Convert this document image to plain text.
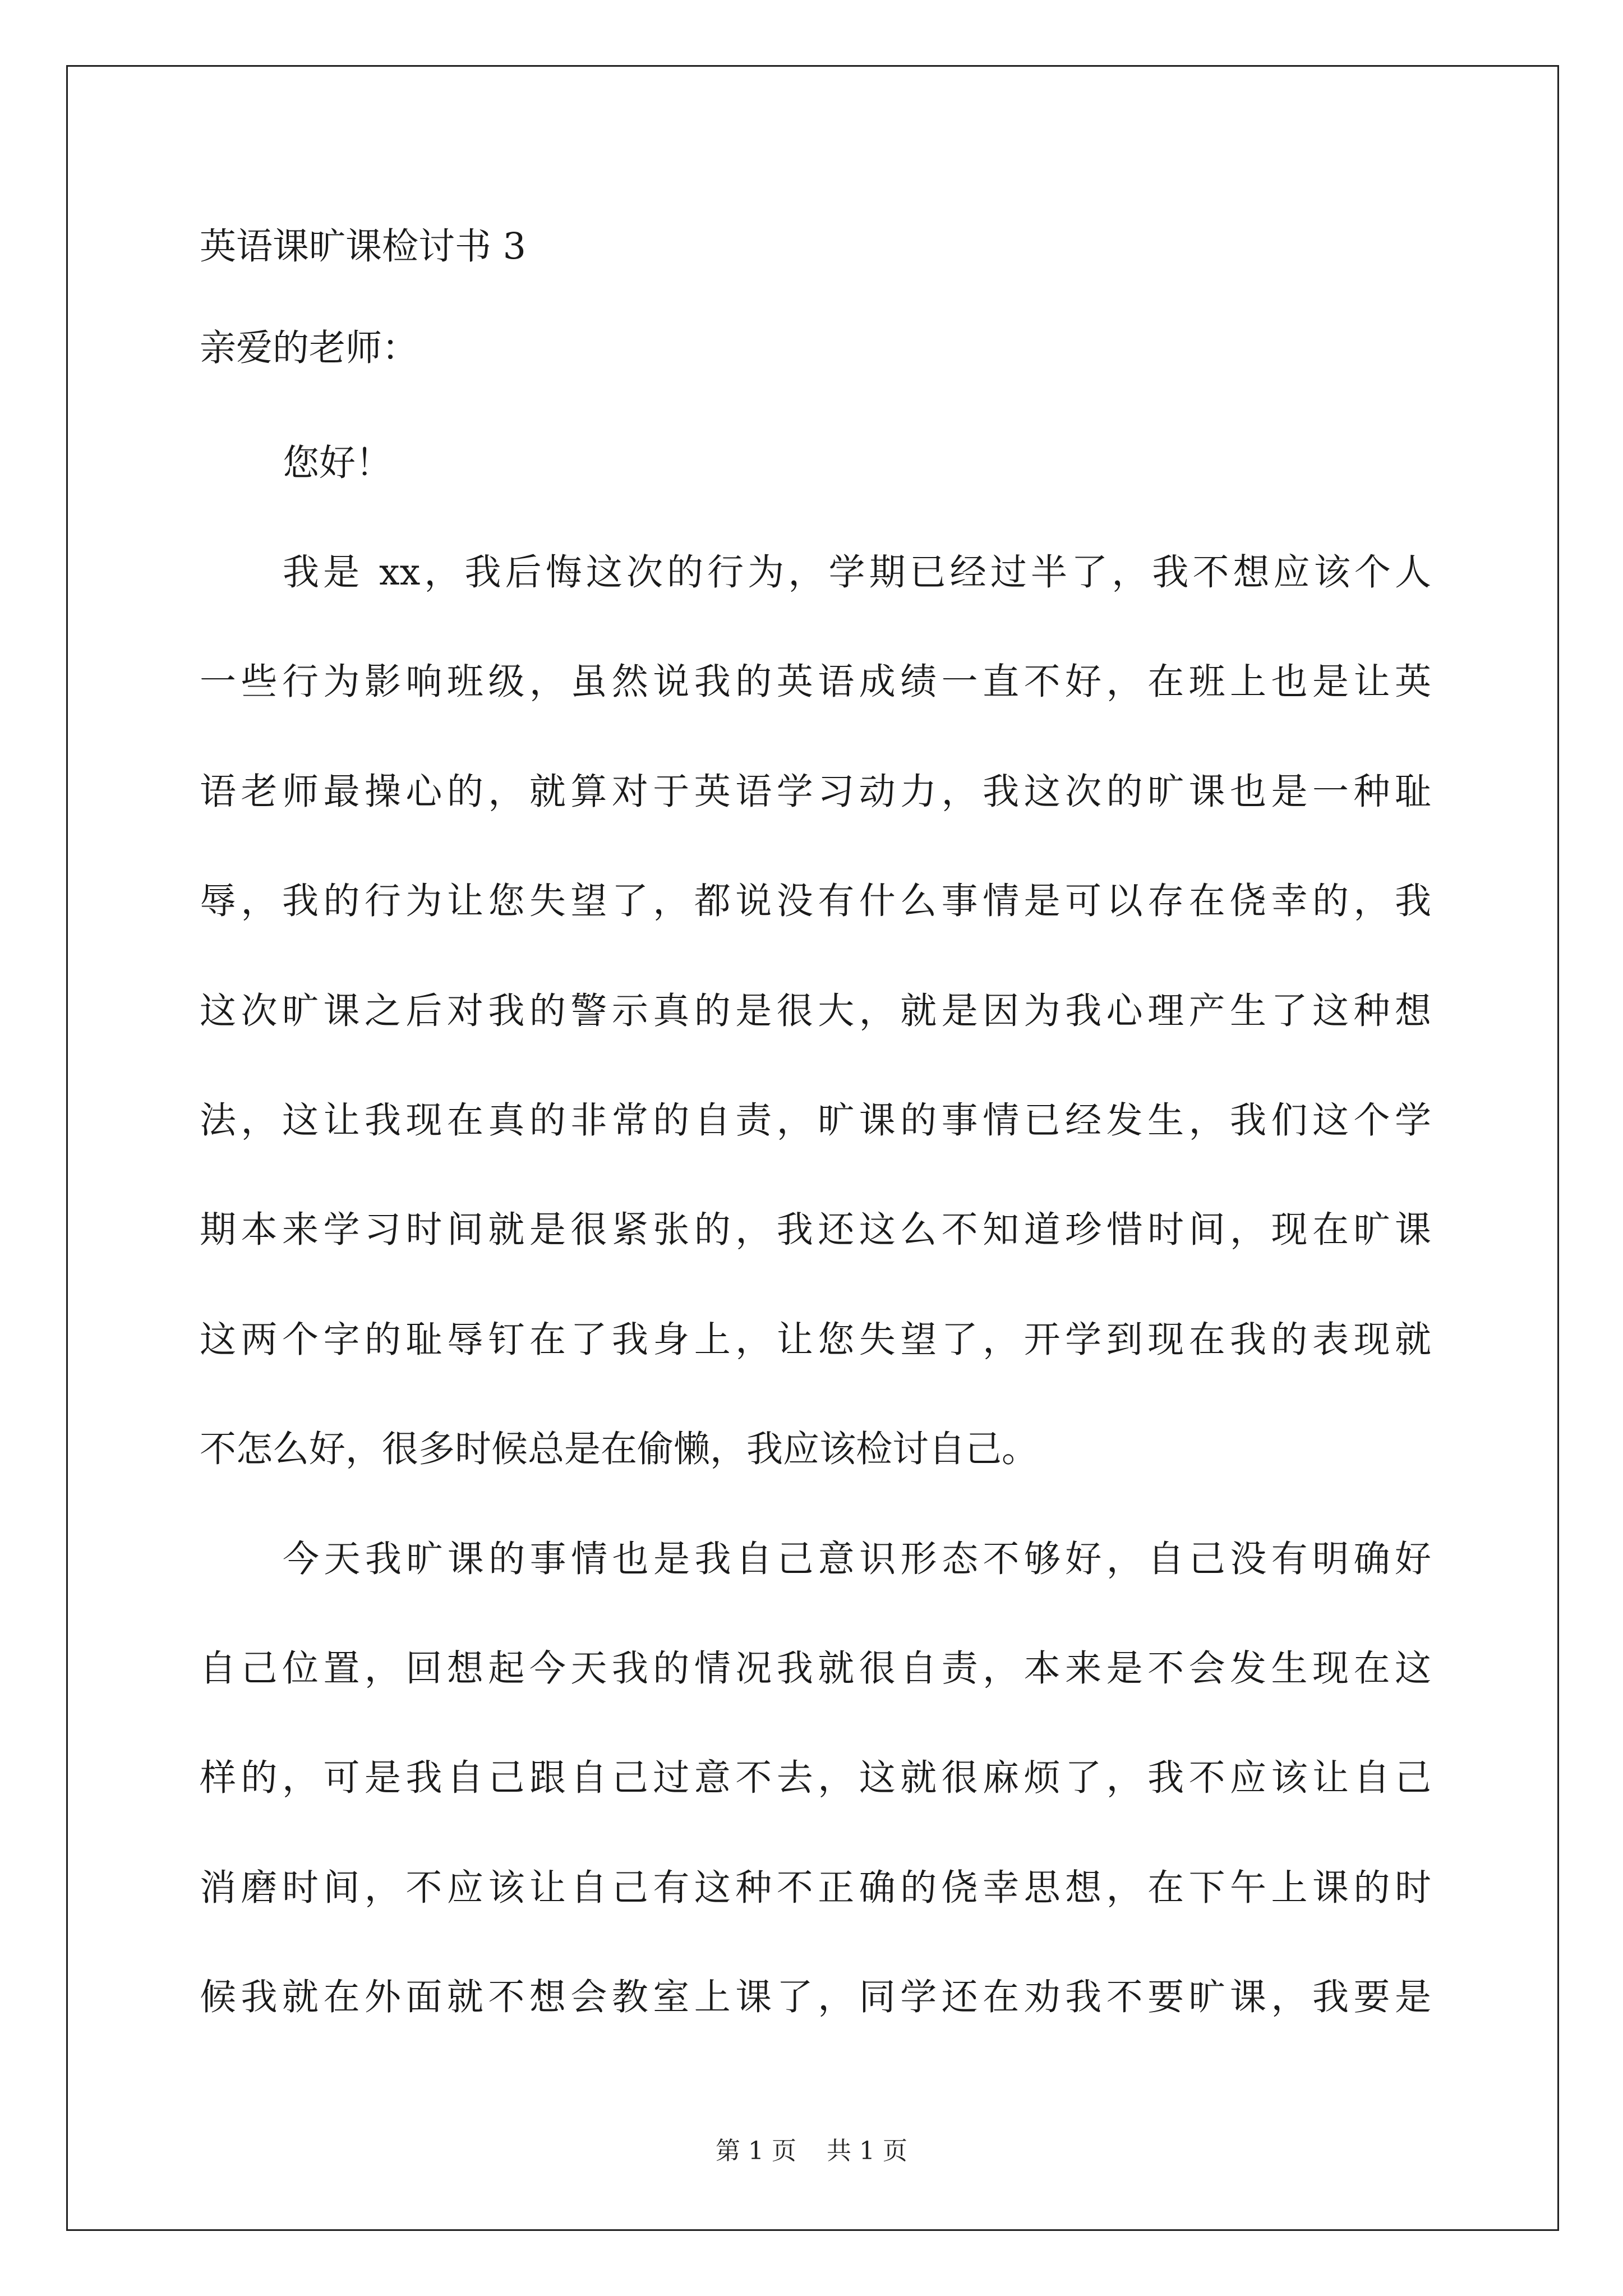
英语课旷课检讨书 3
亲爱的老师：
您好！
我是 xx，我后悔这次的行为，学期已经过半了，我不想应该个人
一些行为影响班级，虽然说我的英语成绩一直不好，在班上也是让英
语老师最操心的，就算对于英语学习动力，我这次的旷课也是一种耻
辱，我的行为让您失望了，都说没有什么事情是可以存在侥幸的，我
这次旷课之后对我的警示真的是很大，就是因为我心理产生了这种想
法，这让我现在真的非常的自责，旷课的事情已经发生，我们这个学
期本来学习时间就是很紧张的，我还这么不知道珍惜时间，现在旷课
这两个字的耻辱钉在了我身上，让您失望了，开学到现在我的表现就
不怎么好，很多时候总是在偷懒，我应该检讨自己。
今天我旷课的事情也是我自己意识形态不够好，自己没有明确好
自己位置，回想起今天我的情况我就很自责，本来是不会发生现在这
样的，可是我自己跟自己过意不去，这就很麻烦了，我不应该让自己
消磨时间，不应该让自己有这种不正确的侥幸思想，在下午上课的时
候我就在外面就不想会教室上课了，同学还在劝我不要旷课，我要是
第 1 页 共 1 页
